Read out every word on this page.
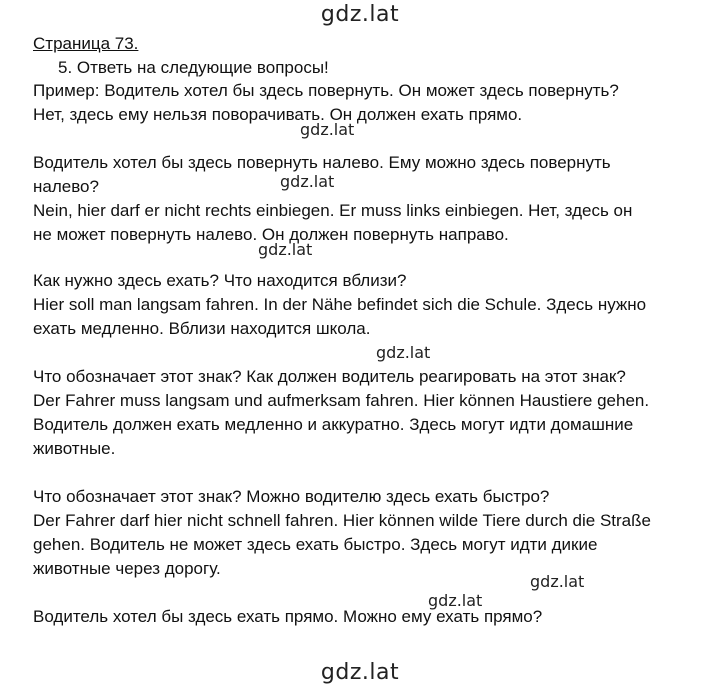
gdz.lat
Страница 73.
5. Ответь на следующие вопросы!
Пример: Водитель хотел бы здесь повернуть. Он может здесь повернуть?
Нет, здесь ему нельзя поворачивать. Он должен ехать прямо.
gdz.lat
Водитель хотел бы здесь повернуть налево. Ему можно здесь повернуть
налево?	gdz.lat
Nein, hier darf er nicht rechts einbiegen. Er muss links einbiegen. Нет, здесь он
не может повернуть налево. Он должен повернуть направо.
gdz.lat
Как нужно здесь ехать? Что находится вблизи?
Hier soll man langsam fahren. In der Nähe befindet sich die Schule. Здесь нужно
ехать медленно. Вблизи находится школа.
gdz.lat
Что обозначает этот знак? Как должен водитель реагировать на этот знак?
Der Fahrer muss langsam und aufmerksam fahren. Hier können Haustiere gehen.
Водитель должен ехать медленно и аккуратно. Здесь могут идти домашние
животные.
Что обозначает этот знак? Можно водителю здесь ехать быстро?
Der Fahrer darf hier nicht schnell fahren. Hier können wilde Tiere durch die Straße
gehen. Водитель не может здесь ехать быстро. Здесь могут идти дикие
животные через дорогу.
gdz.lat
gdz.lat
Водитель хотел бы здесь ехать прямо. Можно ему ехать прямо?
gdz.lat
